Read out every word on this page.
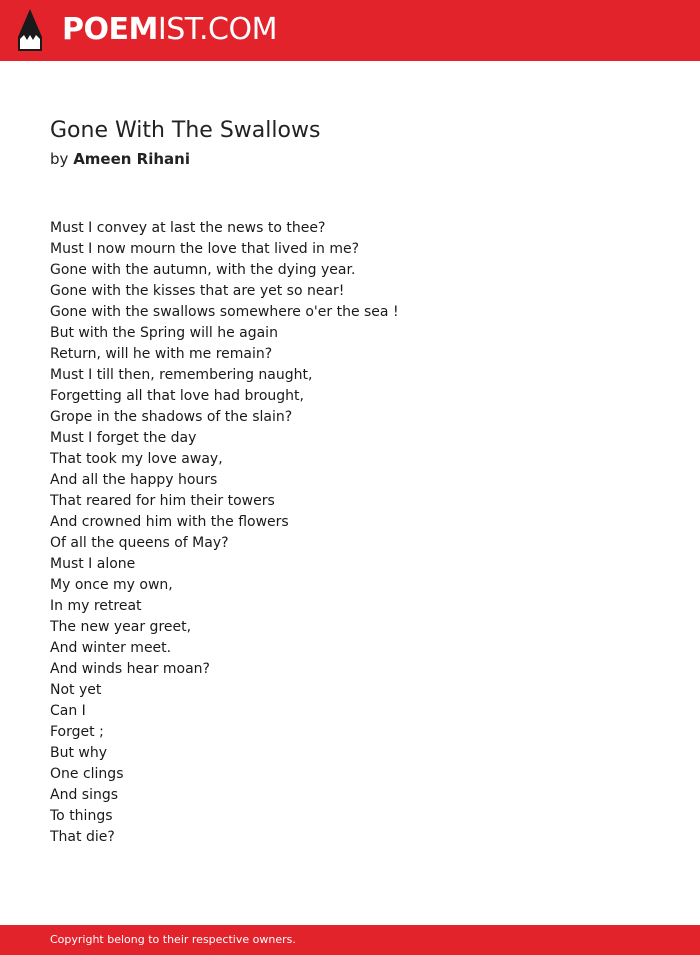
POEMIST.COM
Gone With The Swallows
by Ameen Rihani
Must I convey at last the news to thee?
Must I now mourn the love that lived in me?
Gone with the autumn, with the dying year.
Gone with the kisses that are yet so near!
Gone with the swallows somewhere o'er the sea !
But with the Spring will he again
Return, will he with me remain?
Must I till then, remembering naught,
Forgetting all that love had brought,
Grope in the shadows of the slain?
Must I forget the day
That took my love away,
And all the happy hours
That reared for him their towers
And crowned him with the flowers
Of all the queens of May?
Must I alone
My once my own,
In my retreat
The new year greet,
And winter meet.
And winds hear moan?
Not yet
Can I
Forget ;
But why
One clings
And sings
To things
That die?
Copyright belong to their respective owners.
